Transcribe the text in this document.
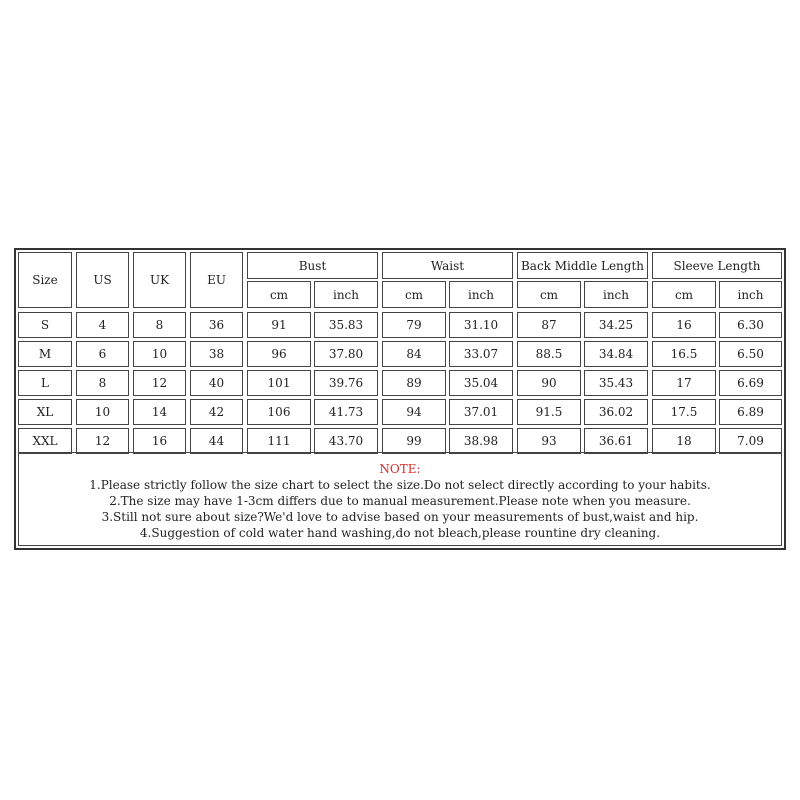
Size	US	UK	EU
Bust	Waist	Back Middle Length	Sleeve Length
cm	inch	cm	inch	cm	inch	cm	inch
S	4	8	36	91	35.83	79	31.10	87	34.25	16	6.30
M	6	10	38	96	37.80	84	33.07	88.5	34.84	16.5	6.50
L	8	12	40	101	39.76	89	35.04	90	35.43	17	6.69
XL	10	14	42	106	41.73	94	37.01	91.5	36.02	17.5	6.89
XXL	12	16	44	111	43.70	99	38.98	93	36.61	18	7.09
NOTE:
1.Please strictly follow the size chart to select the size.Do not select directly according to your habits.
2.The size may have 1-3cm differs due to manual measurement.Please note when you measure.
3.Still not sure about size?We'd love to advise based on your measurements of bust,waist and hip.
4.Suggestion of cold water hand washing,do not bleach,please rountine dry cleaning.
